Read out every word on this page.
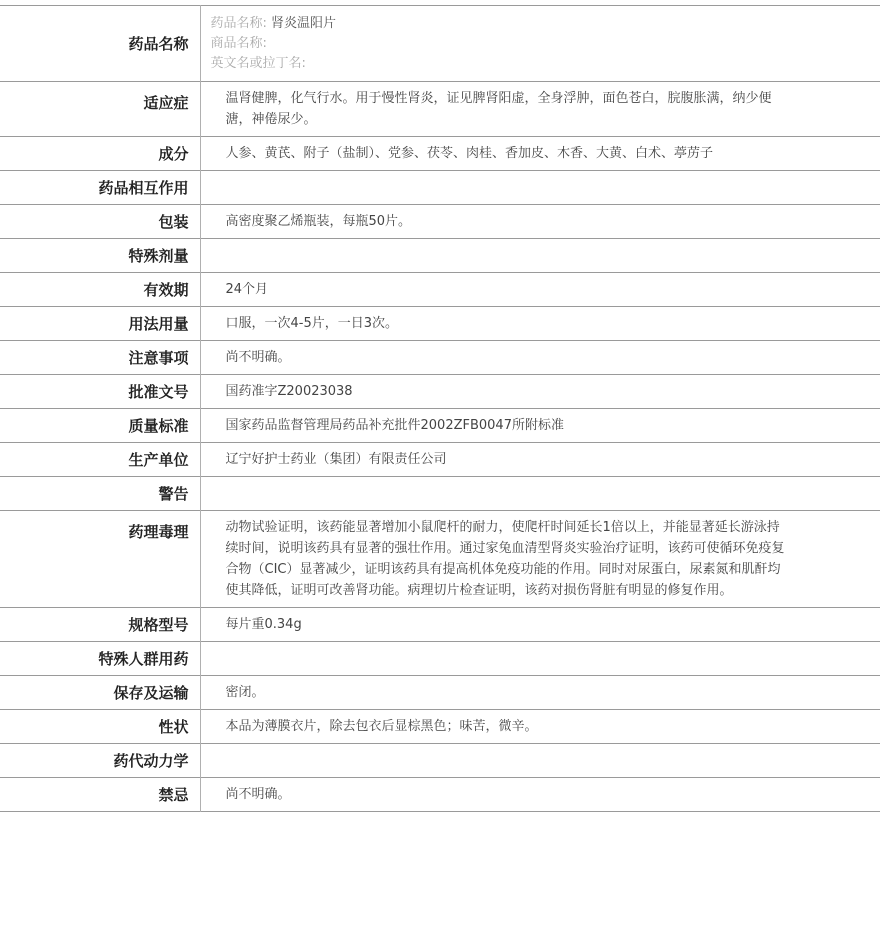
药品名称	药品名称: 肾炎温阳片
商品名称:
英文名或拉丁名:

适应症	温肾健脾，化气行水。用于慢性肾炎，证见脾肾阳虚，全身浮肿，面色苍白，脘腹胀满，纳少便溏，神倦尿少。
成分	人参、黄芪、附子（盐制）、党参、茯苓、肉桂、香加皮、木香、大黄、白术、葶苈子
药品相互作用	
包装	高密度聚乙烯瓶装，每瓶50片。
特殊剂量	
有效期	24个月
用法用量	口服，一次4-5片，一日3次。
注意事项	尚不明确。
批准文号	国药准字Z20023038
质量标准	国家药品监督管理局药品补充批件2002ZFB0047所附标准
生产单位	辽宁好护士药业（集团）有限责任公司
警告	
药理毒理	动物试验证明，该药能显著增加小鼠爬杆的耐力，使爬杆时间延长1倍以上，并能显著延长游泳持续时间，说明该药具有显著的强壮作用。通过家兔血清型肾炎实验治疗证明，该药可使循环免疫复合物（CIC）显著减少，证明该药具有提高机体免疫功能的作用。同时对尿蛋白，尿素氮和肌酐均使其降低，证明可改善肾功能。病理切片检查证明，该药对损伤肾脏有明显的修复作用。
规格型号	每片重0.34g
特殊人群用药	
保存及运输	密闭。
性状	本品为薄膜衣片，除去包衣后显棕黑色；味苦，微辛。
药代动力学	
禁忌	尚不明确。
